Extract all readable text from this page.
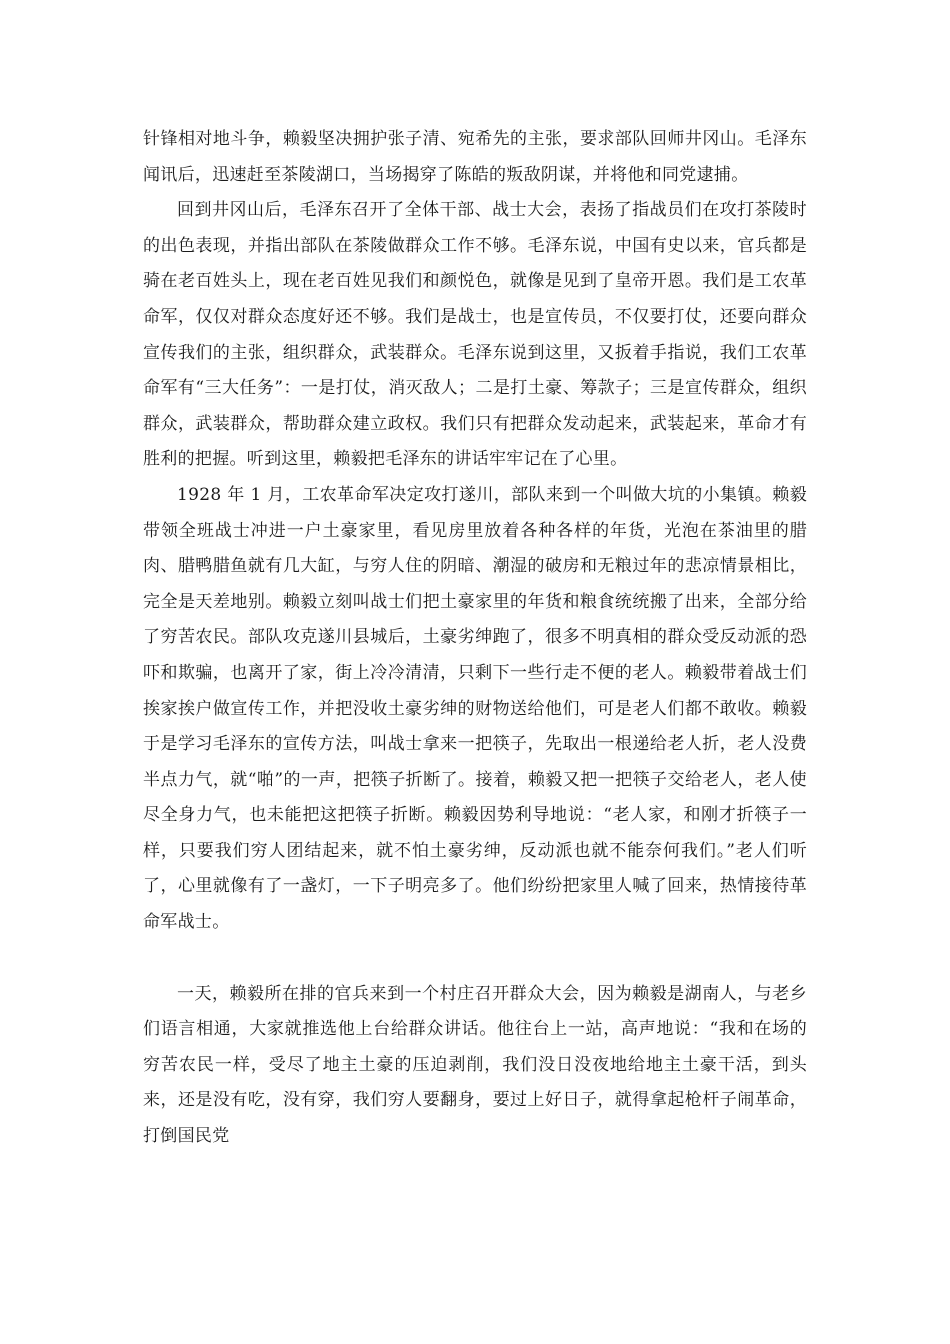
针锋相对地斗争，赖毅坚决拥护张子清、宛希先的主张，要求部队回师井冈山。毛泽东闻讯后，迅速赶至茶陵湖口，当场揭穿了陈皓的叛敌阴谋，并将他和同党逮捕。

回到井冈山后，毛泽东召开了全体干部、战士大会，表扬了指战员们在攻打茶陵时的出色表现，并指出部队在茶陵做群众工作不够。毛泽东说，中国有史以来，官兵都是骑在老百姓头上，现在老百姓见我们和颜悦色，就像是见到了皇帝开恩。我们是工农革命军，仅仅对群众态度好还不够。我们是战士，也是宣传员，不仅要打仗，还要向群众宣传我们的主张，组织群众，武装群众。毛泽东说到这里，又扳着手指说，我们工农革命军有“三大任务”：一是打仗，消灭敌人；二是打土豪、筹款子；三是宣传群众，组织群众，武装群众，帮助群众建立政权。我们只有把群众发动起来，武装起来，革命才有胜利的把握。听到这里，赖毅把毛泽东的讲话牢牢记在了心里。

1928 年 1 月，工农革命军决定攻打遂川，部队来到一个叫做大坑的小集镇。赖毅带领全班战士冲进一户土豪家里，看见房里放着各种各样的年货，光泡在茶油里的腊肉、腊鸭腊鱼就有几大缸，与穷人住的阴暗、潮湿的破房和无粮过年的悲凉情景相比，完全是天差地别。赖毅立刻叫战士们把土豪家里的年货和粮食统统搬了出来，全部分给了穷苦农民。部队攻克遂川县城后，土豪劣绅跑了，很多不明真相的群众受反动派的恐吓和欺骗，也离开了家，街上冷冷清清，只剩下一些行走不便的老人。赖毅带着战士们挨家挨户做宣传工作，并把没收土豪劣绅的财物送给他们，可是老人们都不敢收。赖毅于是学习毛泽东的宣传方法，叫战士拿来一把筷子，先取出一根递给老人折，老人没费半点力气，就“啪”的一声，把筷子折断了。接着，赖毅又把一把筷子交给老人，老人使尽全身力气，也未能把这把筷子折断。赖毅因势利导地说：“老人家，和刚才折筷子一样，只要我们穷人团结起来，就不怕土豪劣绅，反动派也就不能奈何我们。”老人们听了，心里就像有了一盏灯，一下子明亮多了。他们纷纷把家里人喊了回来，热情接待革命军战士。

一天，赖毅所在排的官兵来到一个村庄召开群众大会，因为赖毅是湖南人，与老乡们语言相通，大家就推选他上台给群众讲话。他往台上一站，高声地说：“我和在场的穷苦农民一样，受尽了地主土豪的压迫剥削，我们没日没夜地给地主土豪干活，到头来，还是没有吃，没有穿，我们穷人要翻身，要过上好日子，就得拿起枪杆子闹革命，打倒国民党
